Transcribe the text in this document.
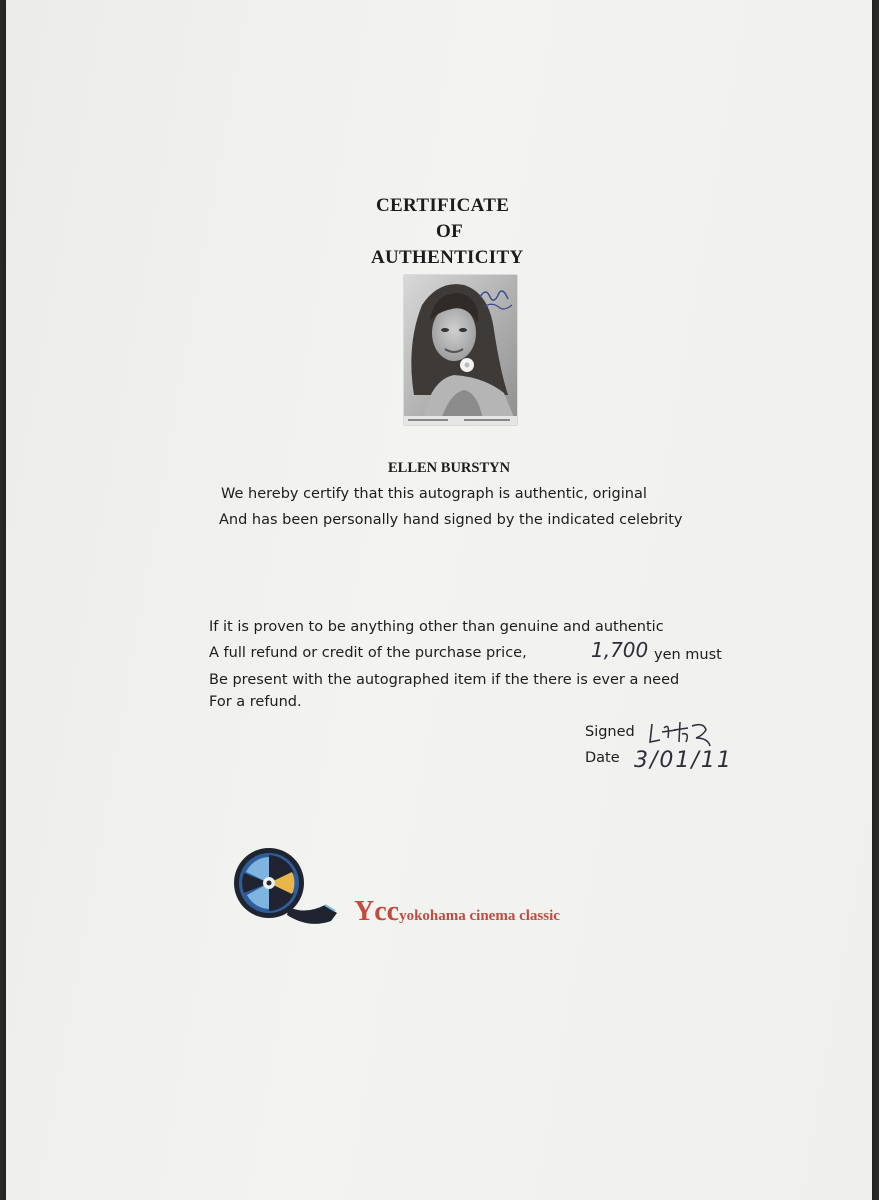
CERTIFICATE
OF
AUTHENTICITY
ELLEN BURSTYN
We hereby certify that this autograph is authentic, original
And has been personally hand signed by the indicated celebrity
If it is proven to be anything other than genuine and authentic
A full refund or credit of the purchase price,	1,700 yen must
Be present with the autographed item if the there is ever a need
For a refund.
Signed
Date 3/01/11
Yccyokohama cinema classic
